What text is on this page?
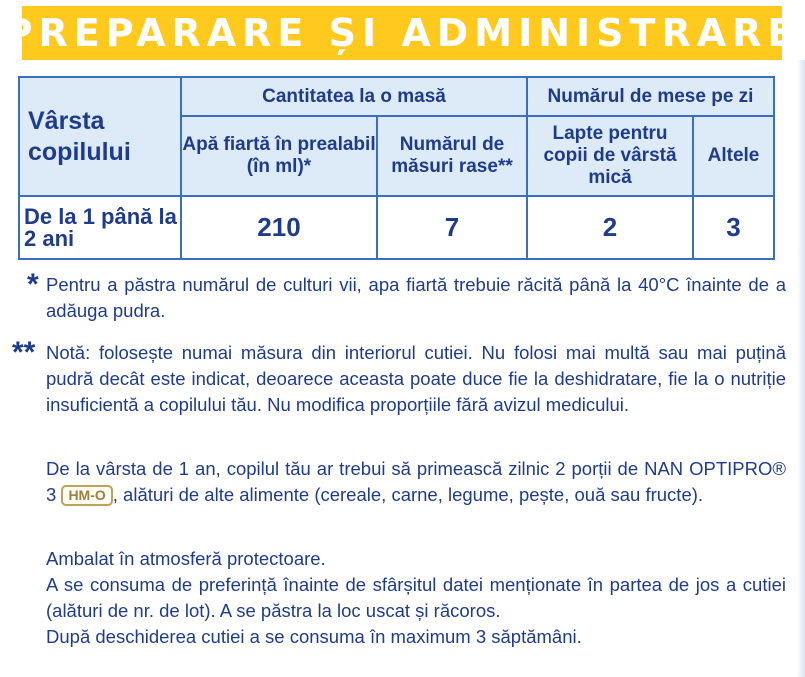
PREPARARE ȘI ADMINISTRARE
Vârsta copilului	Cantitatea la o masă		Numărul de mese pe zi	
	Apă fiartă în prealabil (în ml)*	Numărul de măsuri rase**	Lapte pentru copii de vârstă mică	Altele
De la 1 până la 2 ani	210	7	2	3
* Pentru a păstra numărul de culturi vii, apa fiartă trebuie răcită până la 40°C înainte de a adăuga pudra.
** Notă: folosește numai măsura din interiorul cutiei. Nu folosi mai multă sau mai puțină pudră decât este indicat, deoarece aceasta poate duce fie la deshidratare, fie la o nutriție insuficientă a copilului tău. Nu modifica proporțiile fără avizul medicului.
De la vârsta de 1 an, copilul tău ar trebui să primească zilnic 2 porții de NAN OPTIPRO® 3 HM-O , alături de alte alimente (cereale, carne, legume, pește, ouă sau fructe).
Ambalat în atmosferă protectoare.
A se consuma de preferință înainte de sfârșitul datei menționate în partea de jos a cutiei (alături de nr. de lot). A se păstra la loc uscat și răcoros.
După deschiderea cutiei a se consuma în maximum 3 săptămâni.
